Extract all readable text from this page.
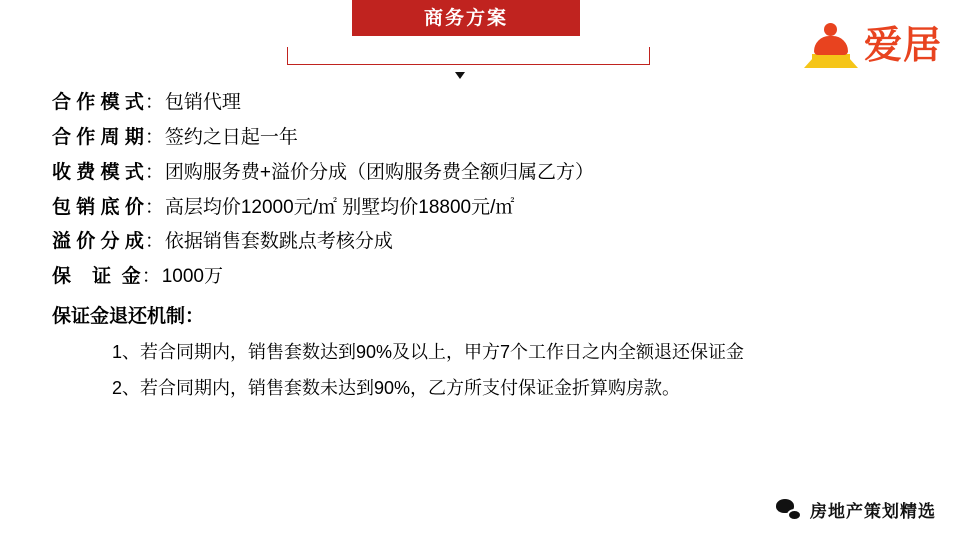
商务方案
爱居
合 作 模 式 ： 包销代理
合 作 周 期 ： 签约之日起一年
收 费 模 式 ： 团购服务费+溢价分成（团购服务费全额归属乙方）
包 销 底 价 ： 高层均价12000元/㎡ 别墅均价18800元/㎡
溢 价 分 成 ： 依据销售套数跳点考核分成
保    证  金 ： 1000万
保证金退还机制：
1、若合同期内，销售套数达到90%及以上，甲方7个工作日之内全额退还保证金
2、若合同期内，销售套数未达到90%，乙方所支付保证金折算购房款。
房地产策划精选
